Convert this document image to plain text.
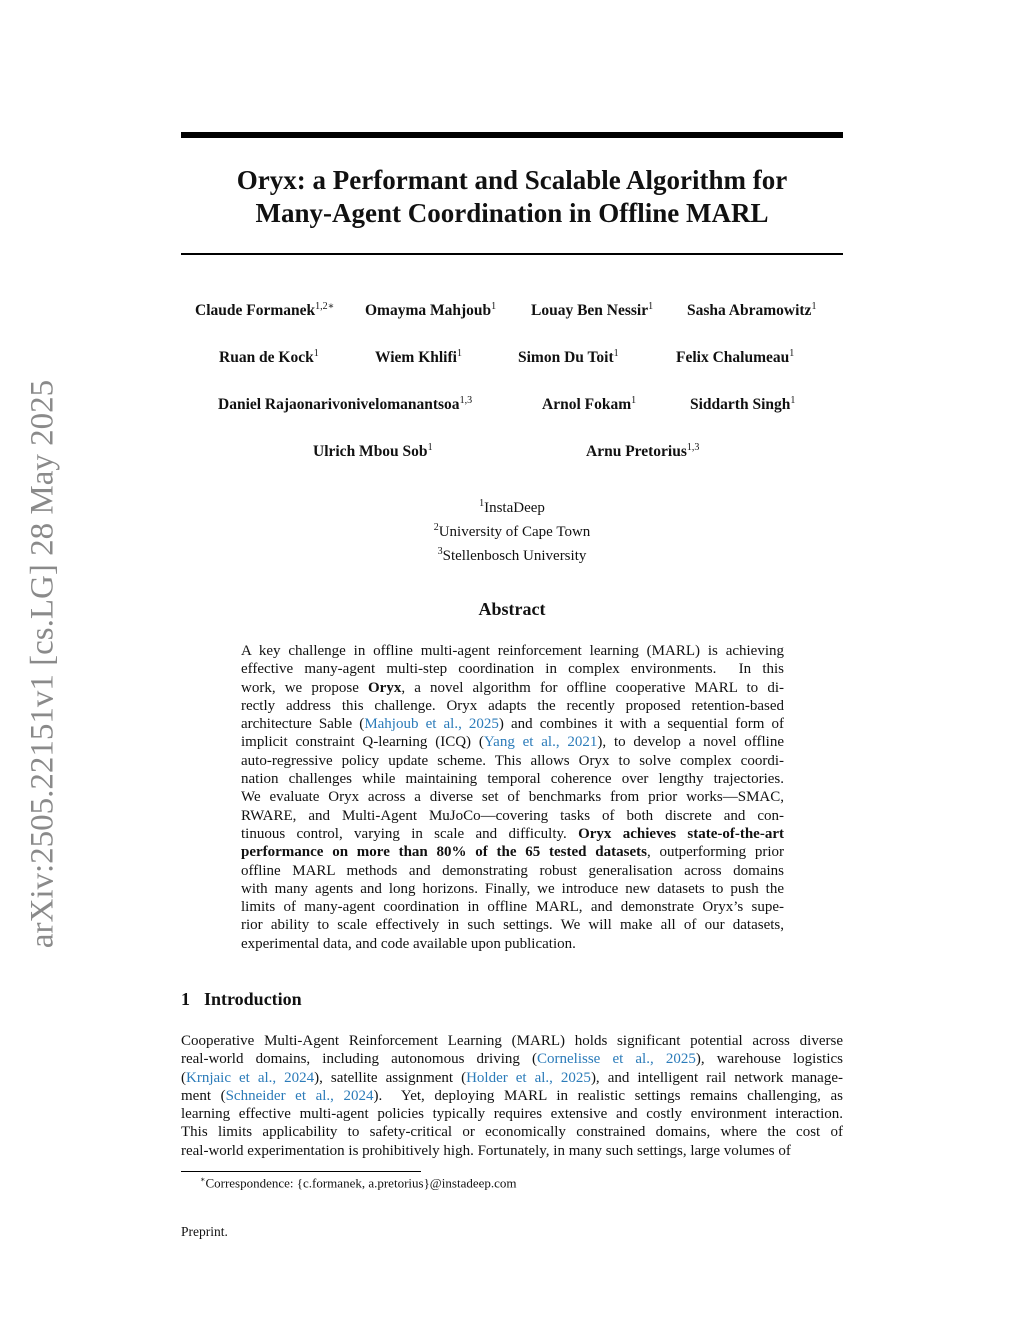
arXiv:2505.22151v1 [cs.LG] 28 May 2025
Oryx: a Performant and Scalable Algorithm for
Many-Agent Coordination in Offline MARL
Claude Formanek$^{1,2∗}$ Omayma Mahjoub$^1$ Louay Ben Nessir$^1$ Sasha Abramowitz$^1$
Ruan de Kock$^1$	Wiem Khlifi$^1$	Simon Du Toit$^1$	Felix Chalumeau$^1$
Daniel Rajaonarivonivelomanantsoa$^{1,3}$	Arnol Fokam$^1$	Siddarth Singh$^1$
Ulrich Mbou Sob$^1$	Arnu Pretorius$^{1,3}$
$^1$InstaDeep
$^2$University of Cape Town
$^3$Stellenbosch University
Abstract
A key challenge in offline multi-agent reinforcement learning (MARL) is achieving
effective many-agent multi-step coordination in complex environments.  In this
work, we propose Oryx, a novel algorithm for offline cooperative MARL to di-
rectly address this challenge. Oryx adapts the recently proposed retention-based
architecture Sable (Mahjoub et al., 2025) and combines it with a sequential form of
implicit constraint Q-learning (ICQ) (Yang et al., 2021), to develop a novel offline
auto-regressive policy update scheme. This allows Oryx to solve complex coordi-
nation challenges while maintaining temporal coherence over lengthy trajectories.
We evaluate Oryx across a diverse set of benchmarks from prior works—SMAC,
RWARE, and Multi-Agent MuJoCo—covering tasks of both discrete and con-
tinuous control, varying in scale and difficulty. Oryx achieves state-of-the-art
performance on more than 80% of the 65 tested datasets, outperforming prior
offline MARL methods and demonstrating robust generalisation across domains
with many agents and long horizons. Finally, we introduce new datasets to push the
limits of many-agent coordination in offline MARL, and demonstrate Oryx’s supe-
rior ability to scale effectively in such settings. We will make all of our datasets,
experimental data, and code available upon publication.
1 Introduction
Cooperative Multi-Agent Reinforcement Learning (MARL) holds significant potential across diverse
real-world domains, including autonomous driving (Cornelisse et al., 2025), warehouse logistics
(Krnjaic et al., 2024), satellite assignment (Holder et al., 2025), and intelligent rail network manage-
ment (Schneider et al., 2024).  Yet, deploying MARL in realistic settings remains challenging, as
learning effective multi-agent policies typically requires extensive and costly environment interaction.
This limits applicability to safety-critical or economically constrained domains, where the cost of
real-world experimentation is prohibitively high. Fortunately, in many such settings, large volumes of
∗Correspondence: {c.formanek, a.pretorius}@instadeep.com
Preprint.
